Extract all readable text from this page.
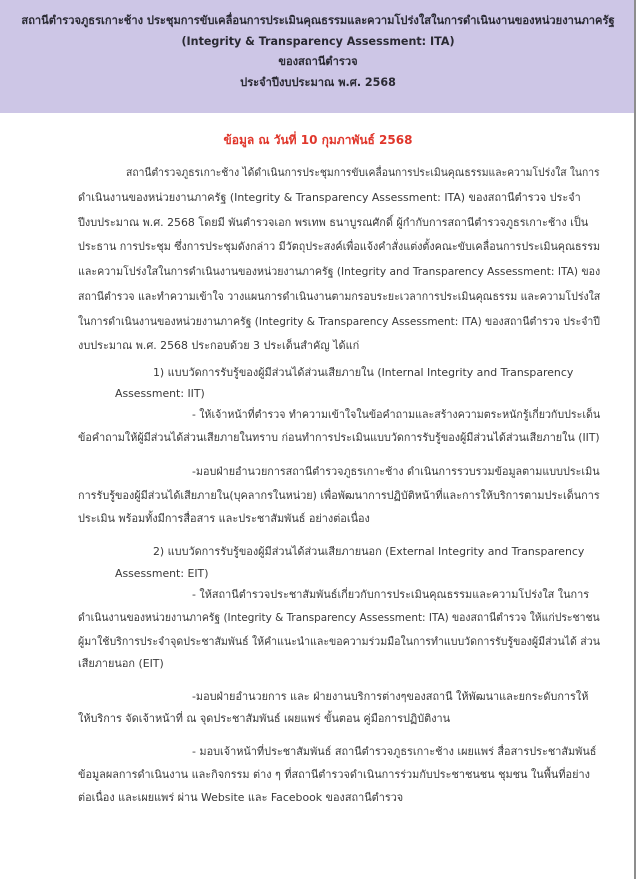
สถานีตำรวจภูธรเกาะช้าง ประชุมการขับเคลื่อนการประเมินคุณธรรมและความโปร่งใสในการดำเนินงานของหน่วยงานภาครัฐ
(Integrity & Transparency Assessment: ITA)
ของสถานีตำรวจ
ประจำปีงบประมาณ พ.ศ. 2568
ข้อมูล ณ วันที่ 10 กุมภาพันธ์ 2568
สถานีตำรวจภูธรเกาะช้าง ได้ดำเนินการประชุมการขับเคลื่อนการประเมินคุณธรรมและความโปร่งใส ในการ
ดำเนินงานของหน่วยงานภาครัฐ (Integrity & Transparency Assessment: ITA) ของสถานีตำรวจ ประจำ
ปีงบประมาณ พ.ศ. 2568 โดยมี พันตำรวจเอก พรเทพ ธนาบูรณศักดิ์ ผู้กำกับการสถานีตำรวจภูธรเกาะช้าง เป็น
ประธาน การประชุม ซึ่งการประชุมดังกล่าว มีวัตถุประสงค์เพื่อแจ้งคำสั่งแต่งตั้งคณะขับเคลื่อนการประเมินคุณธรรม
และความโปร่งใสในการดำเนินงานของหน่วยงานภาครัฐ (Integrity and Transparency Assessment: ITA) ของ
สถานีตำรวจ และทำความเข้าใจ วางแผนการดำเนินงานตามกรอบระยะเวลาการประเมินคุณธรรม และความโปร่งใส
ในการดำเนินงานของหน่วยงานภาครัฐ (Integrity & Transparency Assessment: ITA) ของสถานีตำรวจ ประจำปี
งบประมาณ พ.ศ. 2568 ประกอบด้วย 3 ประเด็นสำคัญ ได้แก่
1) แบบวัดการรับรู้ของผู้มีส่วนได้ส่วนเสียภายใน (Internal Integrity and Transparency
Assessment: IIT)
- ให้เจ้าหน้าที่ตำรวจ ทำความเข้าใจในข้อคำถามและสร้างความตระหนักรู้เกี่ยวกับประเด็น
ข้อคำถามให้ผู้มีส่วนได้ส่วนเสียภายในทราบ ก่อนทำการประเมินแบบวัดการรับรู้ของผู้มีส่วนได้ส่วนเสียภายใน (IIT)
-มอบฝ่ายอำนวยการสถานีตำรวจภูธรเกาะช้าง ดำเนินการรวบรวมข้อมูลตามแบบประเมิน
การรับรู้ของผู้มีส่วนได้เสียภายใน(บุคลากรในหน่วย) เพื่อพัฒนาการปฏิบัติหน้าที่และการให้บริการตามประเด็นการ
ประเมิน พร้อมทั้งมีการสื่อสาร และประชาสัมพันธ์ อย่างต่อเนื่อง
2) แบบวัดการรับรู้ของผู้มีส่วนได้ส่วนเสียภายนอก (External Integrity and Transparency
Assessment: EIT)
- ให้สถานีตำรวจประชาสัมพันธ์เกี่ยวกับการประเมินคุณธรรมและความโปร่งใส ในการ
ดำเนินงานของหน่วยงานภาครัฐ (Integrity & Transparency Assessment: ITA) ของสถานีตำรวจ ให้แก่ประชาชน
ผู้มาใช้บริการประจำจุดประชาสัมพันธ์ ให้คำแนะนำและขอความร่วมมือในการทำแบบวัดการรับรู้ของผู้มีส่วนได้ ส่วน
เสียภายนอก (EIT)
-มอบฝ่ายอำนวยการ และ ฝ่ายงานบริการต่างๆของสถานี ให้พัฒนาและยกระดับการให้
ให้บริการ จัดเจ้าหน้าที่ ณ จุดประชาสัมพันธ์ เผยแพร่ ขั้นตอน คู่มือการปฏิบัติงาน
- มอบเจ้าหน้าที่ประชาสัมพันธ์ สถานีตำรวจภูธรเกาะช้าง เผยแพร่ สื่อสารประชาสัมพันธ์
ข้อมูลผลการดำเนินงาน และกิจกรรม ต่าง ๆ ที่สถานีตำรวจดำเนินการร่วมกับประชาชนชน ชุมชน ในพื้นที่อย่าง
ต่อเนื่อง และเผยแพร่ ผ่าน Website และ Facebook ของสถานีตำรวจ
